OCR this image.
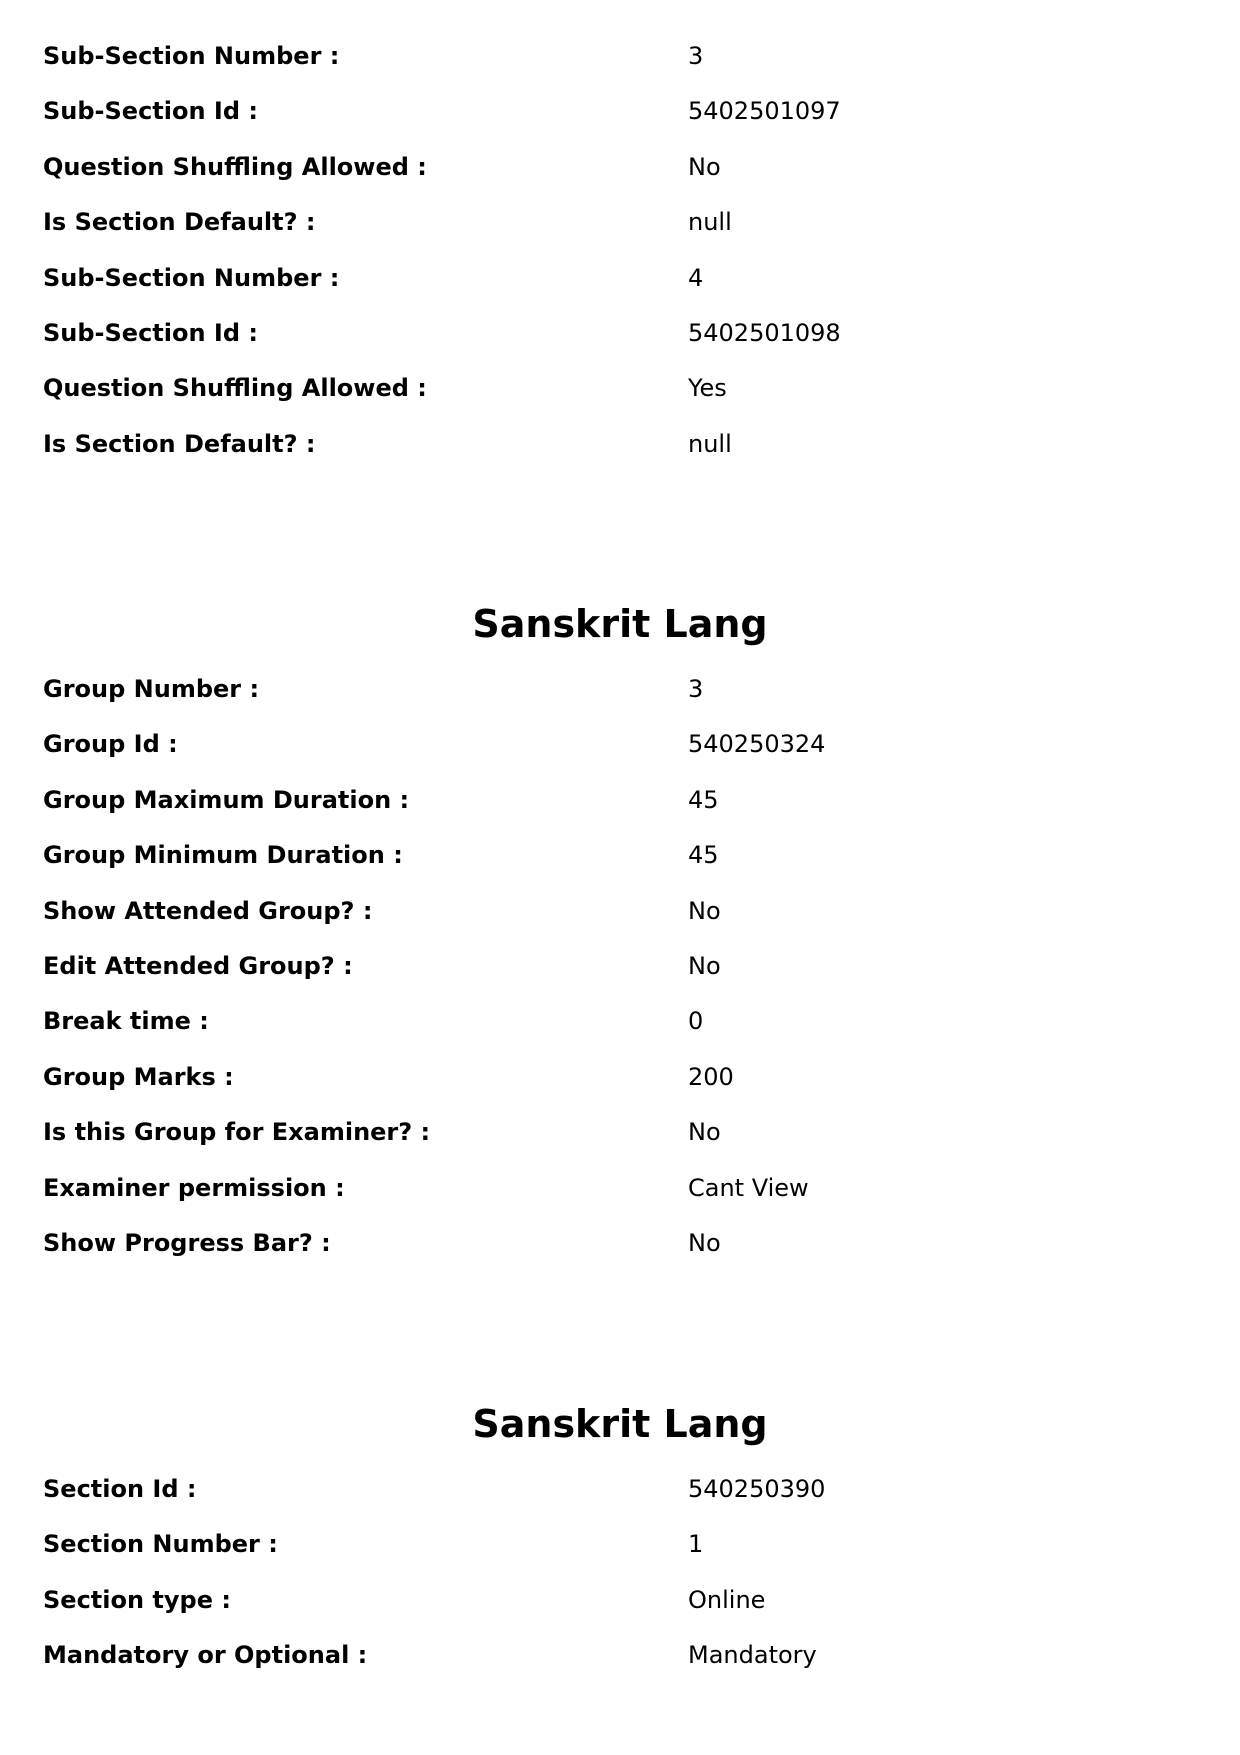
Sub-Section Number :	3
Sub-Section Id :	5402501097
Question Shuffling Allowed :	No
Is Section Default? :	null
Sub-Section Number :	4
Sub-Section Id :	5402501098
Question Shuffling Allowed :	Yes
Is Section Default? :	null
Sanskrit Lang
Group Number :	3
Group Id :	540250324
Group Maximum Duration :	45
Group Minimum Duration :	45
Show Attended Group? :	No
Edit Attended Group? :	No
Break time :	0
Group Marks :	200
Is this Group for Examiner? :	No
Examiner permission :	Cant View
Show Progress Bar? :	No
Sanskrit Lang
Section Id :	540250390
Section Number :	1
Section type :	Online
Mandatory or Optional :	Mandatory
